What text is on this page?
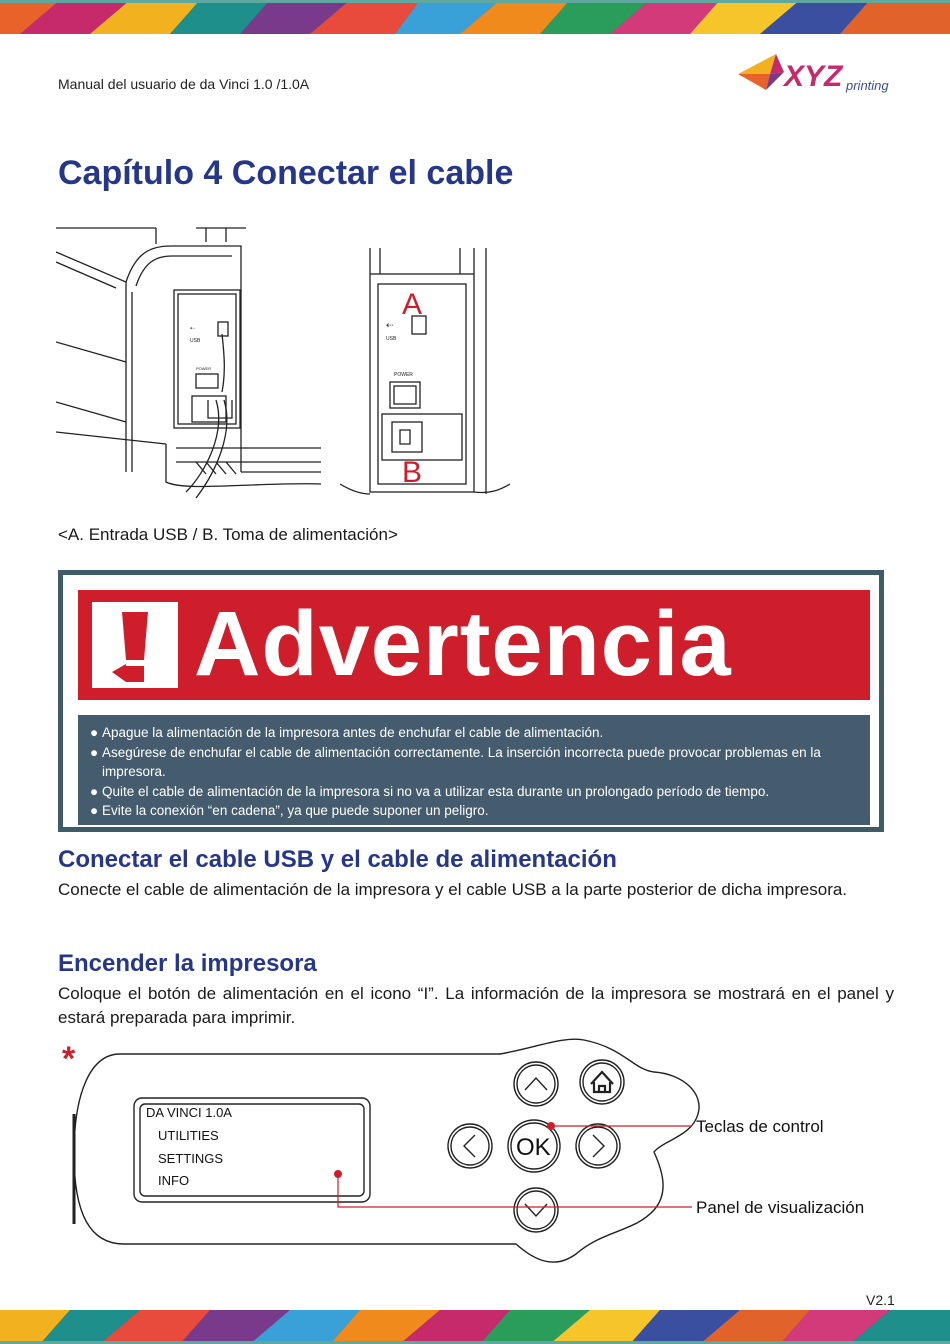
Manual del usuario de da Vinci 1.0 /1.0A	XYZ printing
Capítulo 4 Conectar el cable
⇠
USB
POWER
⇠
USB
POWER
A
B
<A. Entrada USB / B. Toma de alimentación>
Advertencia
● Apague la alimentación de la impresora antes de enchufar el cable de alimentación.
● Asegúrese de enchufar el cable de alimentación correctamente. La inserción incorrecta puede provocar problemas en la impresora.
● Quite el cable de alimentación de la impresora si no va a utilizar esta durante un prolongado período de tiempo.
● Evite la conexión “en cadena”, ya que puede suponer un peligro.
Conectar el cable USB y el cable de alimentación

Conecte el cable de alimentación de la impresora y el cable USB a la parte posterior de dicha impresora.

Encender la impresora

Coloque el botón de alimentación en el icono “I”. La información de la impresora se mostrará en el panel y estará preparada para imprimir.

*
OK
DA VINCI 1.0A
UTILITIES
SETTINGS
INFO
Teclas de control
Panel de visualización
V2.1
